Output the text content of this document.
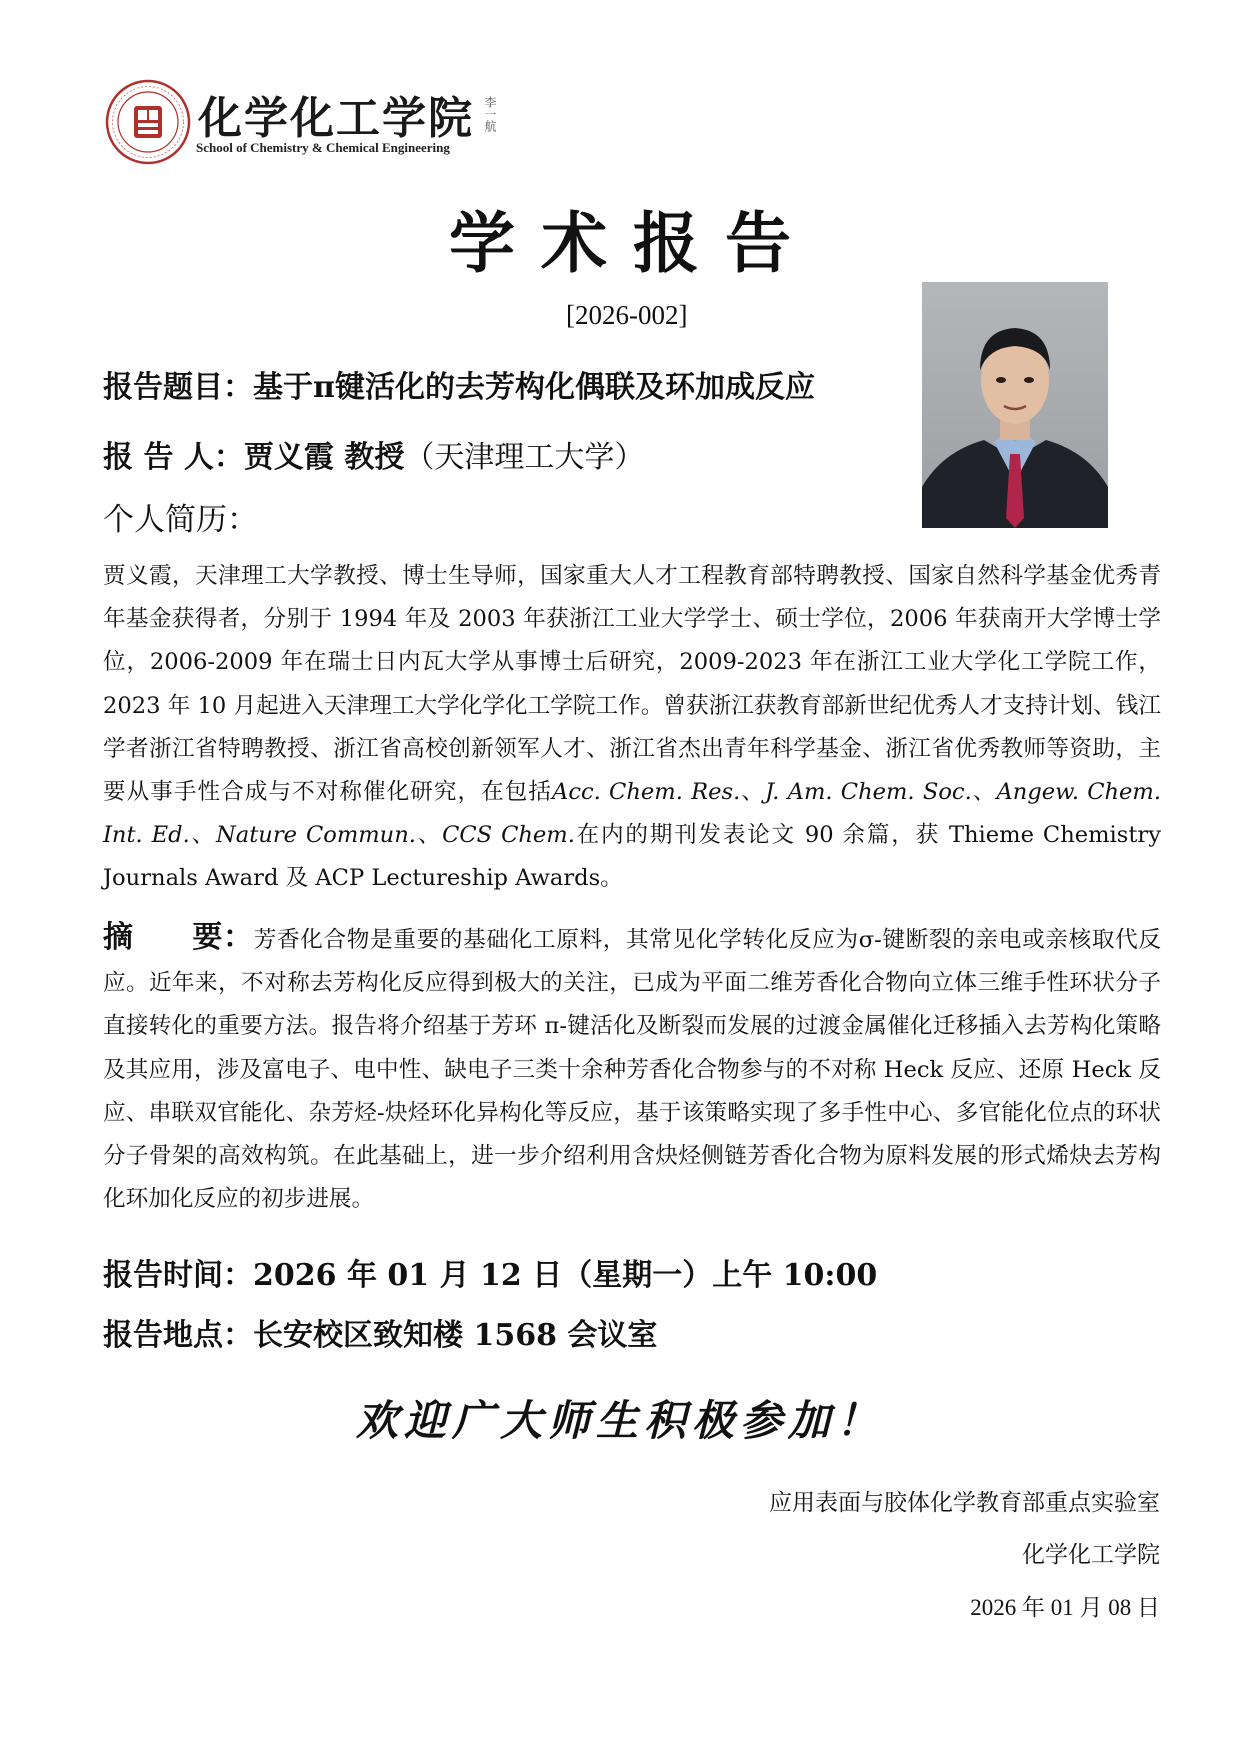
化学化工学院 李一航
School of Chemistry & Chemical Engineering
学术报告
[2026-002]
报告题目：基于π键活化的去芳构化偶联及环加成反应
报 告 人：贾义霞 教授（天津理工大学）
个人简历：
贾义霞，天津理工大学教授、博士生导师，国家重大人才工程教育部特聘教授、国家自然科学基金优秀青年基金获得者，分别于 1994 年及 2003 年获浙江工业大学学士、硕士学位，2006 年获南开大学博士学位，2006-2009 年在瑞士日内瓦大学从事博士后研究，2009-2023 年在浙江工业大学化工学院工作，2023 年 10 月起进入天津理工大学化学化工学院工作。曾获浙江获教育部新世纪优秀人才支持计划、钱江学者浙江省特聘教授、浙江省高校创新领军人才、浙江省杰出青年科学基金、浙江省优秀教师等资助，主要从事手性合成与不对称催化研究，在包括Acc. Chem. Res.、J. Am. Chem. Soc.、Angew. Chem. Int. Ed.、Nature Commun.、CCS Chem.在内的期刊发表论文 90 余篇，获 Thieme Chemistry Journals Award 及 ACP Lectureship Awards。
摘 要：芳香化合物是重要的基础化工原料，其常见化学转化反应为σ-键断裂的亲电或亲核取代反应。近年来，不对称去芳构化反应得到极大的关注，已成为平面二维芳香化合物向立体三维手性环状分子直接转化的重要方法。报告将介绍基于芳环 π-键活化及断裂而发展的过渡金属催化迁移插入去芳构化策略及其应用，涉及富电子、电中性、缺电子三类十余种芳香化合物参与的不对称 Heck 反应、还原 Heck 反应、串联双官能化、杂芳烃-炔烃环化异构化等反应，基于该策略实现了多手性中心、多官能化位点的环状分子骨架的高效构筑。在此基础上，进一步介绍利用含炔烃侧链芳香化合物为原料发展的形式烯炔去芳构化环加化反应的初步进展。
报告时间：2026 年 01 月 12 日（星期一）上午 10:00
报告地点：长安校区致知楼 1568 会议室
欢迎广大师生积极参加！
应用表面与胶体化学教育部重点实验室
化学化工学院
2026 年 01 月 08 日
